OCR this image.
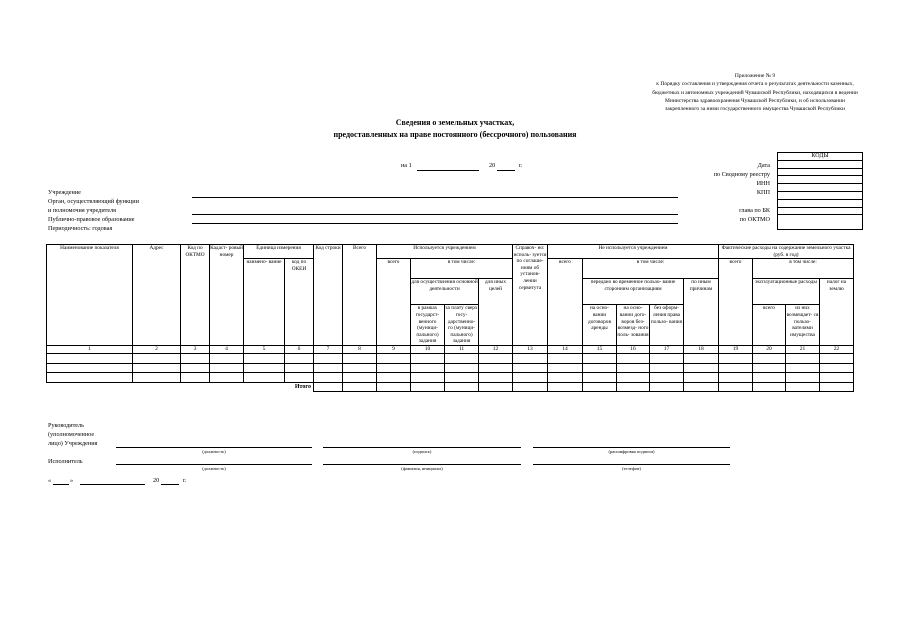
Приложение № 9
к Порядку составления и утверждения отчета о результатах деятельности казенных,
бюджетных и автономных учреждений Чувашской Республики, находящихся в ведении
Министерства здравоохранения Чувашской Республики, и об использовании
закрепленного за ними государственного имущества Чувашской Республики
Сведения о земельных участках,
предоставленных на праве постоянного (бессрочного) пользования
на 1	20	г.
КОДЫ

Дата
по Сводному реестру
ИНН
КПП
глава по БК
по ОКТМО
Учреждение
Орган, осуществляющий функции
и полномочия учредителя
Публично-правовое образование
Периодичность: годовая
Наименование показателя	Адрес	Код по ОКТМО	Кадаст- ровый номер	Единица измерения		Код строки	Всего	Используется учреждением				Справоч- но: исполь- зуется по соглаше- ниям об установ- лении сервитута	Не используется учреждением					Фактические расходы на содержание земельного участка (руб. в год)			
				наимено- вание	код по ОКЕИ			всего	в том числе:				всего	в том числе:				всего	в том числе:		
									для осуществления основной деятельности		для иных целей			передано во временное пользо- вание сторонним организациям			по иным причинам		эксплуатационные расходы		налог на землю
									в рамках государст- венного (муници- пального) задания	за плату сверх госу- дарственно- го (муници- пального) задания				на осно- вании договоров аренды	на осно- вании дого- воров без- возмезд- ного поль- зования	без оформ- ления права пользо- вания			всего	из них возмещает- ся пользо- вателями имущества	
1	2	3	4	5	6	7	8	9	10	11	12	13	14	15	16	17	18	19	20	21	22

Итого																					
Руководитель
(уполномоченное
лицо) Учреждения
(должность)	(подпись)	(расшифровка подписи)
Исполнитель
(должность)	(фамилия, инициалы)	(телефон)
«	»	20	г.
